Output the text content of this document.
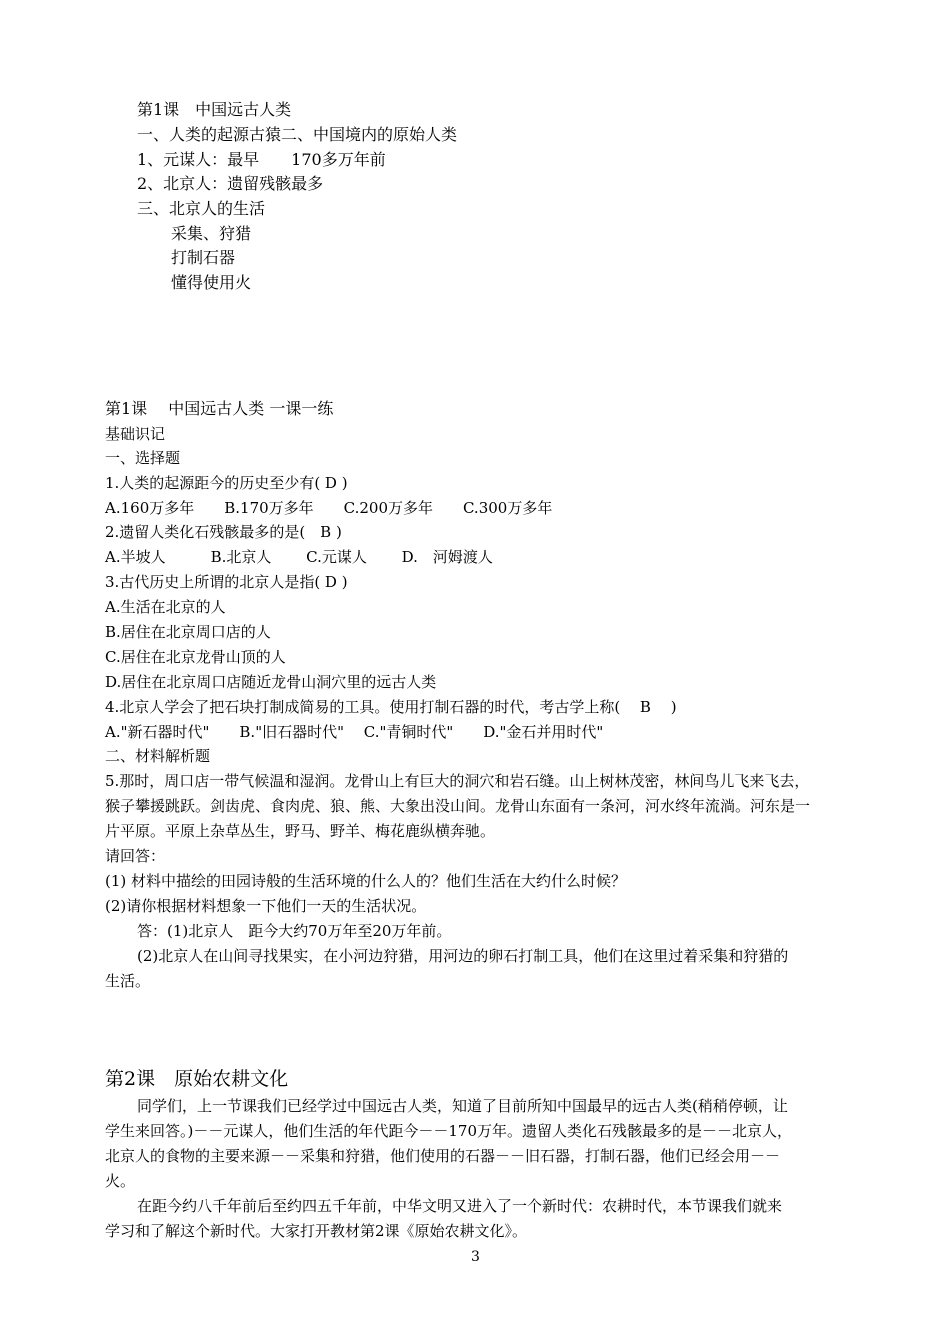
第1课　中国远古人类
一、人类的起源古猿二、中国境内的原始人类
1、元谋人：最早　　170多万年前
2、北京人：遗留残骸最多
三、北京人的生活
采集、狩猎
打制石器
懂得使用火
第1课　 中国远古人类 一课一练
基础识记
一、选择题
1.人类的起源距今的历史至少有( D )
A.160万多年　　B.170万多年　　C.200万多年　　C.300万多年
2.遗留人类化石残骸最多的是(　B )
A.半坡人　　　B.北京人　　 C.元谋人　　 D.　河姆渡人
3.古代历史上所谓的北京人是指( D )
A.生活在北京的人
B.居住在北京周口店的人
C.居住在北京龙骨山顶的人
D.居住在北京周口店随近龙骨山洞穴里的远古人类
4.北京人学会了把石块打制成简易的工具。使用打制石器的时代，考古学上称(　 B　 )
A."新石器时代"　　B."旧石器时代"　 C."青铜时代"　　D."金石并用时代"
二、材料解析题
5.那时，周口店一带气候温和湿润。龙骨山上有巨大的洞穴和岩石缝。山上树林茂密，林间鸟儿飞来飞去，
猴子攀援跳跃。剑齿虎、食肉虎、狼、熊、大象出没山间。龙骨山东面有一条河，河水终年流淌。河东是一
片平原。平原上杂草丛生，野马、野羊、梅花鹿纵横奔驰。
请回答：
(1) 材料中描绘的田园诗般的生活环境的什么人的？他们生活在大约什么时候？
(2)请你根据材料想象一下他们一天的生活状况。
答：(1)北京人　距今大约70万年至20万年前。
(2)北京人在山间寻找果实，在小河边狩猎，用河边的卵石打制工具，他们在这里过着采集和狩猎的
生活。
第2课　原始农耕文化
同学们，上一节课我们已经学过中国远古人类，知道了目前所知中国最早的远古人类(稍稍停顿，让
学生来回答。)－－元谋人，他们生活的年代距今－－170万年。遗留人类化石残骸最多的是－－北京人，
北京人的食物的主要来源－－采集和狩猎，他们使用的石器－－旧石器，打制石器，他们已经会用－－
火。
在距今约八千年前后至约四五千年前，中华文明又进入了一个新时代：农耕时代，本节课我们就来
学习和了解这个新时代。大家打开教材第2课《原始农耕文化》。
3
